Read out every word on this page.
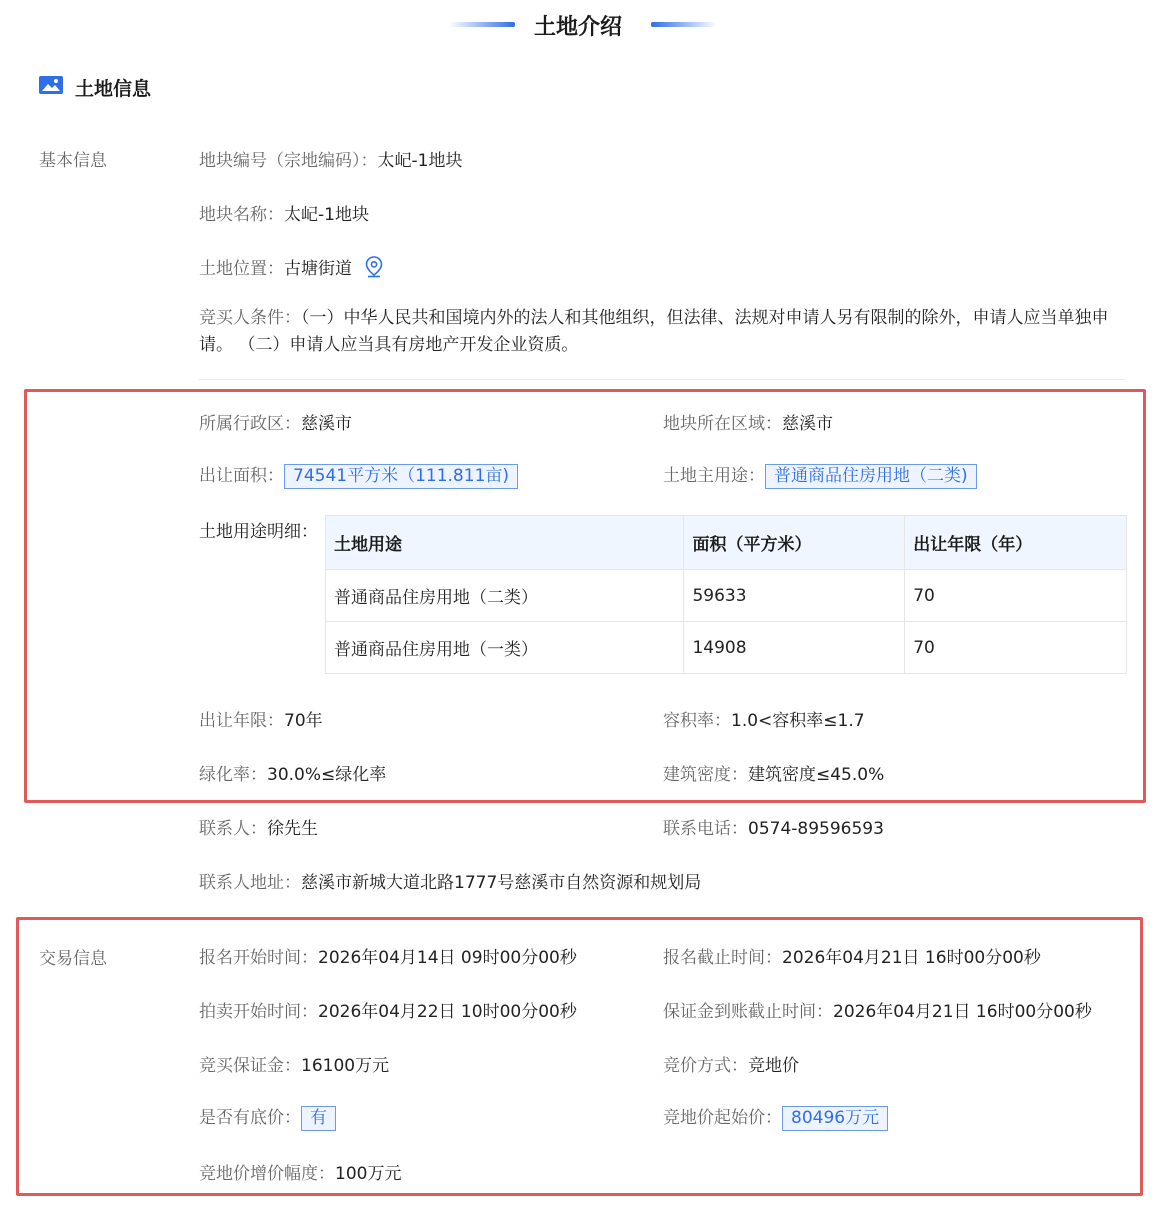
土地介绍
土地信息
基本信息	地块编号（宗地编码）：太屺-1地块
地块名称：太屺-1地块
土地位置：古塘街道
竞买人条件：（一）中华人民共和国境内外的法人和其他组织，但法律、法规对申请人另有限制的除外，申请人应当单独申请。 （二）申请人应当具有房地产开发企业资质。
所属行政区：慈溪市	地块所在区域：慈溪市
出让面积： 74541平方米（111.811亩)	土地主用途： 普通商品住房用地（二类)
土地用途明细：
土地用途	面积（平方米）	出让年限（年）
普通商品住房用地（二类）	59633	70
普通商品住房用地（一类）	14908	70
出让年限：70年	容积率：1.0<容积率≤1.7
绿化率：30.0%≤绿化率	建筑密度：建筑密度≤45.0%
联系人：徐先生	联系电话：0574-89596593
联系人地址：慈溪市新城大道北路1777号慈溪市自然资源和规划局
交易信息	报名开始时间：2026年04月14日 09时00分00秒	报名截止时间：2026年04月21日 16时00分00秒
拍卖开始时间：2026年04月22日 10时00分00秒	保证金到账截止时间：2026年04月21日 16时00分00秒
竞买保证金：16100万元	竞价方式：竞地价
是否有底价： 有	竞地价起始价： 80496万元
竞地价增价幅度：100万元
